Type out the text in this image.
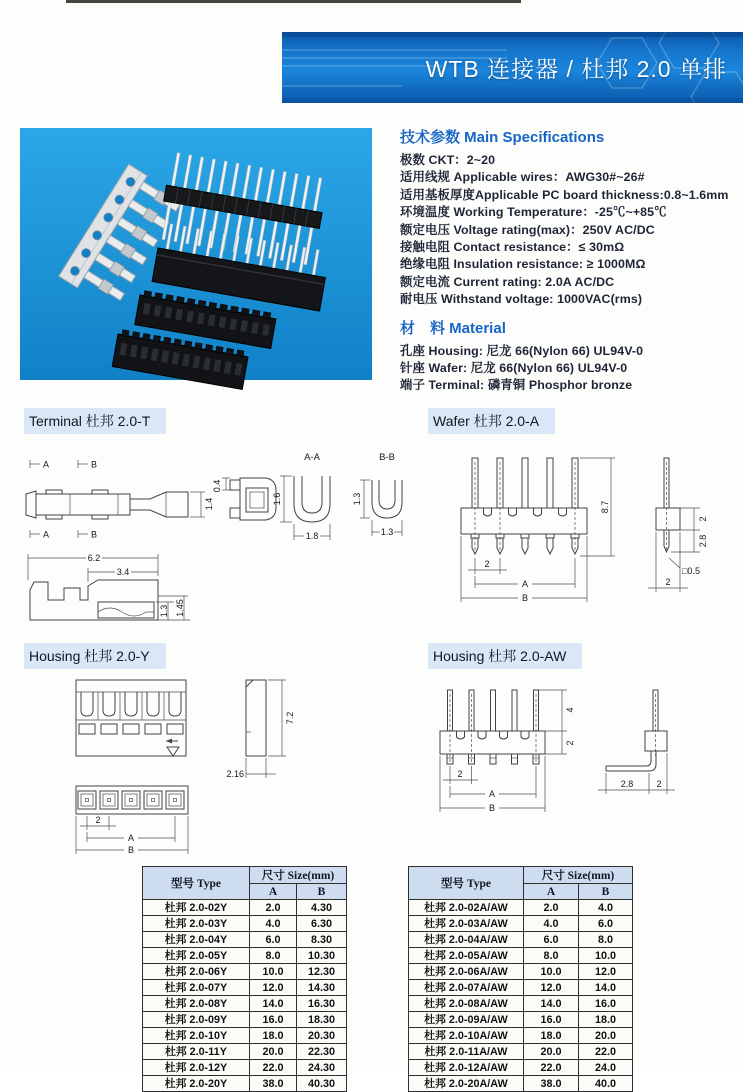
WTB 连接器 / 杜邦 2.0 单排
技术参数 Main Specifications
极数 CKT：2~20
适用线规 Applicable wires：AWG30#~26#
适用基板厚度Applicable PC board thickness:0.8~1.6mm
环境温度 Working Temperature：-25℃~+85℃
额定电压 Voltage rating(max)：250V AC/DC
接触电阻 Contact resistance：≤ 30mΩ
绝缘电阻 Insulation resistance: ≥ 1000MΩ
额定电流 Current rating: 2.0A AC/DC
耐电压 Withstand voltage: 1000VAC(rms)
材　料 Material
孔座 Housing: 尼龙 66(Nylon 66) UL94V-0
针座 Wafer: 尼龙 66(Nylon 66) UL94V-0
端子 Terminal: 磷青铜 Phosphor bronze
Terminal 杜邦 2.0-T	Wafer 杜邦 2.0-A
Housing 杜邦 2.0-Y	Housing 杜邦 2.0-AW
A	B
1.4
A	B
0.4
A-A
1.6
1.8
B-B
1.3
1.3
6.2
3.4
1.3 1.45
8.7
2
A
B
2
2.8
□0.5
2
7.2
2.16
2
A
B
4
2
2
A
B
2.8	2
型号 Type	尺寸 Size(mm)	
	A	B
杜邦 2.0-02Y	2.0	4.30
杜邦 2.0-03Y	4.0	6.30
杜邦 2.0-04Y	6.0	8.30
杜邦 2.0-05Y	8.0	10.30
杜邦 2.0-06Y	10.0	12.30
杜邦 2.0-07Y	12.0	14.30
杜邦 2.0-08Y	14.0	16.30
杜邦 2.0-09Y	16.0	18.30
杜邦 2.0-10Y	18.0	20.30
杜邦 2.0-11Y	20.0	22.30
杜邦 2.0-12Y	22.0	24.30
杜邦 2.0-20Y	38.0	40.30
型号 Type	尺寸 Size(mm)	
	A	B
杜邦 2.0-02A/AW	2.0	4.0
杜邦 2.0-03A/AW	4.0	6.0
杜邦 2.0-04A/AW	6.0	8.0
杜邦 2.0-05A/AW	8.0	10.0
杜邦 2.0-06A/AW	10.0	12.0
杜邦 2.0-07A/AW	12.0	14.0
杜邦 2.0-08A/AW	14.0	16.0
杜邦 2.0-09A/AW	16.0	18.0
杜邦 2.0-10A/AW	18.0	20.0
杜邦 2.0-11A/AW	20.0	22.0
杜邦 2.0-12A/AW	22.0	24.0
杜邦 2.0-20A/AW	38.0	40.0
